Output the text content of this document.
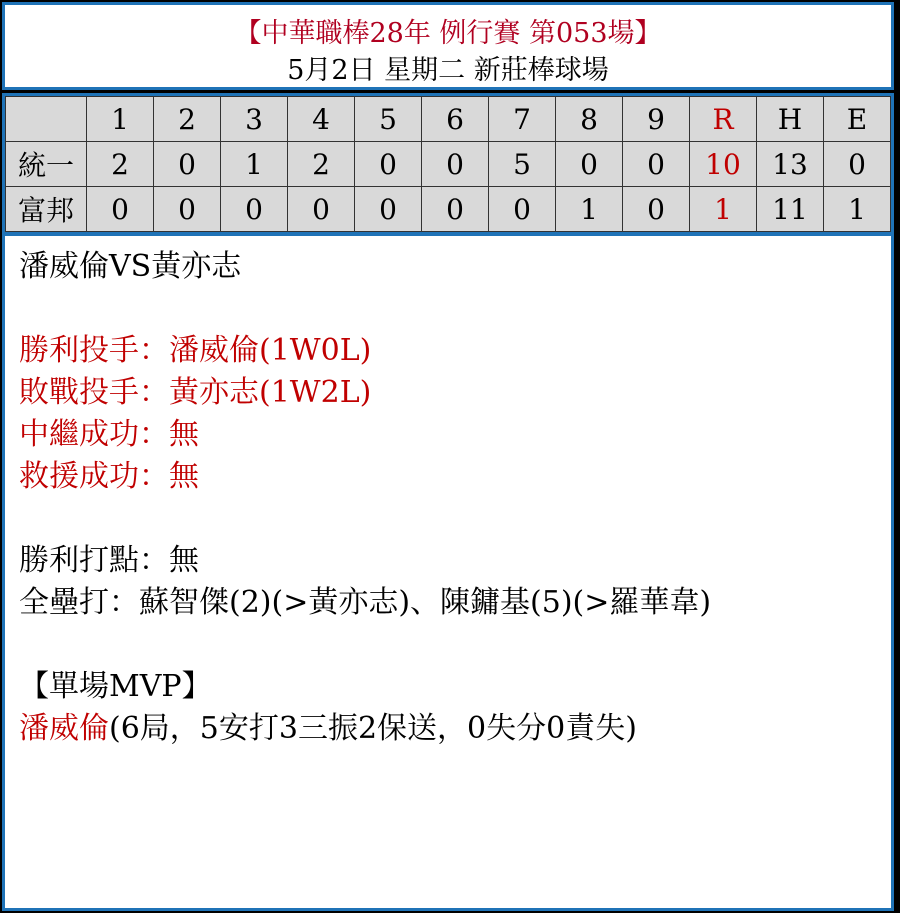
【中華職棒28年 例行賽 第053場】
5月2日 星期二 新莊棒球場
	1	2	3	4	5	6	7	8	9	R	H	E
統一	2	0	1	2	0	0	5	0	0	10	13	0
富邦	0	0	0	0	0	0	0	1	0	1	11	1
潘威倫VS黃亦志
勝利投手：潘威倫(1W0L)
敗戰投手：黃亦志(1W2L)
中繼成功：無
救援成功：無
勝利打點：無
全壘打：蘇智傑(2)(>黃亦志)、陳鏞基(5)(>羅華韋)
【單場MVP】
潘威倫(6局，5安打3三振2保送，0失分0責失)
